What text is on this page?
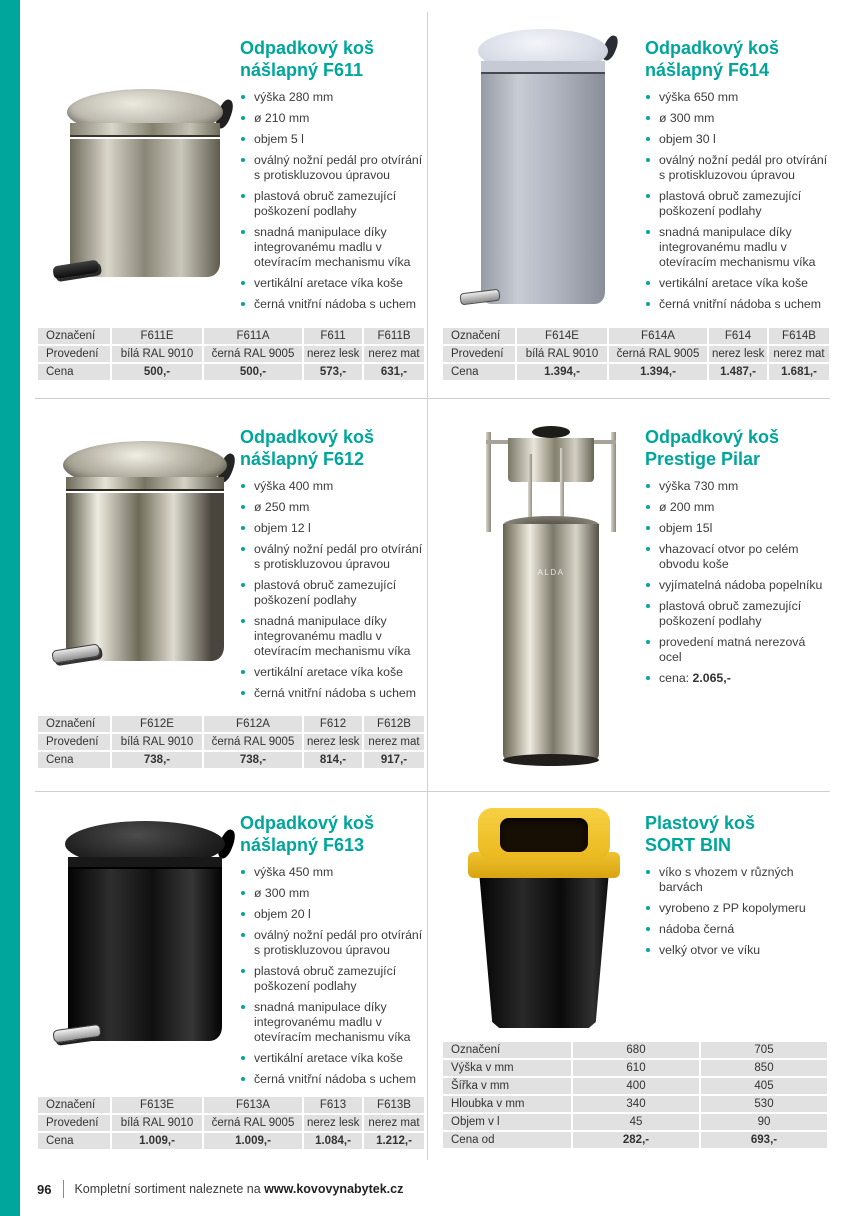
Odpadkový koš
nášlapný F611
výška 280 mm
ø 210 mm
objem 5 l
oválný nožní pedál pro otvírání s protiskluzovou úpravou
plastová obruč zamezující poškození podlahy
snadná manipulace díky integrovanému madlu v otevíracím mechanismu víka
vertikální aretace víka koše
černá vnitřní nádoba s uchem
Označení	F611E	F611A	F611	F611B
Provedení	bílá RAL 9010	černá RAL 9005	nerez lesk	nerez mat
Cena	500,-	500,-	573,-	631,-
Odpadkový koš
nášlapný F614
výška 650 mm
ø 300 mm
objem 30 l
oválný nožní pedál pro otvírání s protiskluzovou úpravou
plastová obruč zamezující poškození podlahy
snadná manipulace díky integrovanému madlu v otevíracím mechanismu víka
vertikální aretace víka koše
černá vnitřní nádoba s uchem
Označení	F614E	F614A	F614	F614B
Provedení	bílá RAL 9010	černá RAL 9005	nerez lesk	nerez mat
Cena	1.394,-	1.394,-	1.487,-	1.681,-
Odpadkový koš
nášlapný F612
výška 400 mm
ø 250 mm
objem 12 l
oválný nožní pedál pro otvírání s protiskluzovou úpravou
plastová obruč zamezující poškození podlahy
snadná manipulace díky integrovanému madlu v otevíracím mechanismu víka
vertikální aretace víka koše
černá vnitřní nádoba s uchem
Označení	F612E	F612A	F612	F612B
Provedení	bílá RAL 9010	černá RAL 9005	nerez lesk	nerez mat
Cena	738,-	738,-	814,-	917,-
ALDA
Odpadkový koš
Prestige Pilar
výška 730 mm
ø 200 mm
objem 15l
vhazovací otvor po celém obvodu koše
vyjímatelná nádoba popelníku
plastová obruč zamezující poškození podlahy
provedení matná nerezová ocel
cena: 2.065,-
Odpadkový koš
nášlapný F613
výška 450 mm
ø 300 mm
objem 20 l
oválný nožní pedál pro otvírání s protiskluzovou úpravou
plastová obruč zamezující poškození podlahy
snadná manipulace díky integrovanému madlu v otevíracím mechanismu víka
vertikální aretace víka koše
černá vnitřní nádoba s uchem
Označení	F613E	F613A	F613	F613B
Provedení	bílá RAL 9010	černá RAL 9005	nerez lesk	nerez mat
Cena	1.009,-	1.009,-	1.084,-	1.212,-
Plastový koš
SORT BIN
víko s vhozem v různých barvách
vyrobeno z PP kopolymeru
nádoba černá
velký otvor ve víku
Označení	680	705
Výška v mm	610	850
Šířka v mm	400	405
Hloubka v mm	340	530
Objem v l	45	90
Cena od	282,-	693,-
96 Kompletní sortiment naleznete na www.kovovynabytek.cz
